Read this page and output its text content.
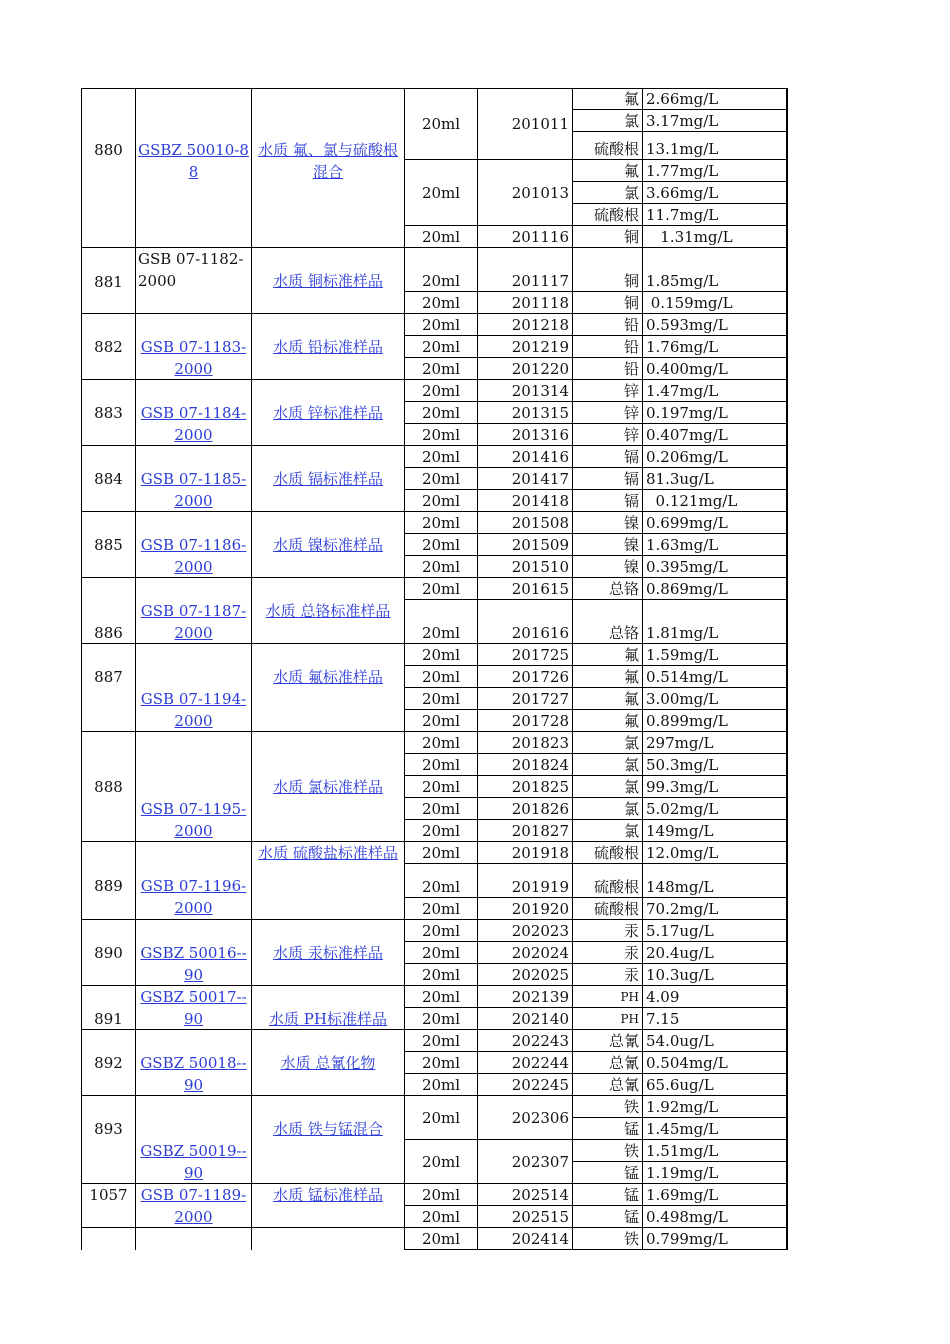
880	GSBZ 50010-88
水质 氟、氯与硫酸根混合
20ml	201011
氟 2.66mg/L
氯 3.17mg/L
硫酸根 13.1mg/L
20ml	201013
氟 1.77mg/L
氯 3.66mg/L
硫酸根 11.7mg/L
20ml	201116	铜 1.31mg/L
881
GSB 07-1182-2000	水质 铜标准样品	20ml	201117	铜 1.85mg/L
20ml	201118	铜 0.159mg/L
882	GSB 07-1183-2000
水质 铅标准样品
20ml	201218	铅 0.593mg/L
20ml	201219	铅 1.76mg/L
20ml	201220	铅 0.400mg/L
883	GSB 07-1184-2000
水质 锌标准样品
20ml	201314	锌 1.47mg/L
20ml	201315	锌 0.197mg/L
20ml	201316	锌 0.407mg/L
884	GSB 07-1185-2000
水质 镉标准样品
20ml	201416	镉 0.206mg/L
20ml	201417	镉 81.3ug/L
20ml	201418	镉 0.121mg/L
885	GSB 07-1186-2000
水质 镍标准样品
20ml	201508	镍 0.699mg/L
20ml	201509	镍 1.63mg/L
20ml	201510	镍 0.395mg/L
886
GSB 07-1187-2000
水质 总铬标准样品
20ml	201615	总铬 0.869mg/L
20ml	201616	总铬 1.81mg/L
887
GSB 07-1194-2000
水质 氟标准样品
20ml	201725	氟 1.59mg/L
20ml	201726	氟 0.514mg/L
20ml	201727	氟 3.00mg/L
20ml	201728	氟 0.899mg/L
888
GSB 07-1195-2000
水质 氯标准样品
20ml	201823	氯 297mg/L
20ml	201824	氯 50.3mg/L
20ml	201825	氯 99.3mg/L
20ml	201826	氯 5.02mg/L
20ml	201827	氯 149mg/L
889	GSB 07-1196-2000
水质 硫酸盐标准样品	20ml	201918 硫酸根 12.0mg/L
20ml	201919 硫酸根 148mg/L
20ml	201920 硫酸根 70.2mg/L
890	GSBZ 50016--90
水质 汞标准样品
20ml	202023	汞 5.17ug/L
20ml	202024	汞 20.4ug/L
20ml	202025	汞 10.3ug/L
891
GSBZ 50017--90	水质 PH标准样品
20ml	202139	PH 4.09
20ml	202140	PH 7.15
892	GSBZ 50018--90
水质 总氰化物
20ml	202243	总氰 54.0ug/L
20ml	202244	总氰 0.504mg/L
20ml	202245	总氰 65.6ug/L
893
GSBZ 50019--90
水质 铁与锰混合
20ml	202306
铁 1.92mg/L
锰 1.45mg/L
20ml	202307
铁 1.51mg/L
锰 1.19mg/L
1057 GSB 07-1189-2000
水质 锰标准样品	20ml	202514	锰 1.69mg/L
20ml	202515	锰 0.498mg/L
20ml	202414	铁 0.799mg/L
